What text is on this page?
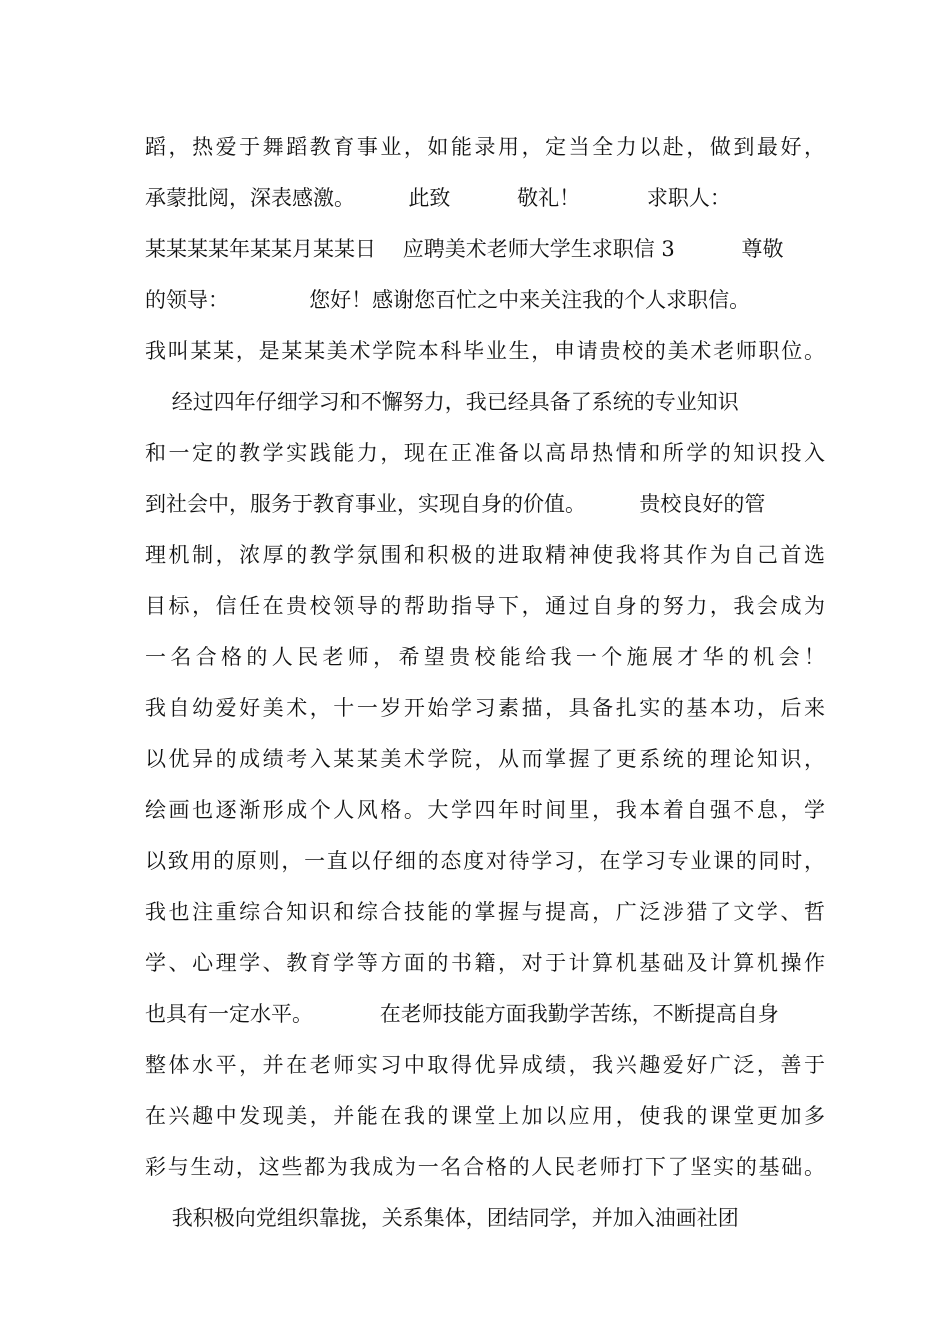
蹈，热爱于舞蹈教育事业，如能录用，定当全力以赴，做到最好，
承蒙批阅，深表感激。        此致          敬礼！          求职人：
某某某某年某某月某某日    应聘美术老师大学生求职信 3          尊敬
的领导：            您好！感谢您百忙之中来关注我的个人求职信。
我叫某某，是某某美术学院本科毕业生，申请贵校的美术老师职位。
经过四年仔细学习和不懈努力，我已经具备了系统的专业知识
和一定的教学实践能力，现在正准备以高昂热情和所学的知识投入
到社会中，服务于教育事业，实现自身的价值。        贵校良好的管
理机制，浓厚的教学氛围和积极的进取精神使我将其作为自己首选
目标，信任在贵校领导的帮助指导下，通过自身的努力，我会成为
一名合格的人民老师，希望贵校能给我一个施展才华的机会！
我自幼爱好美术，十一岁开始学习素描，具备扎实的基本功，后来
以优异的成绩考入某某美术学院，从而掌握了更系统的理论知识，
绘画也逐渐形成个人风格。大学四年时间里，我本着自强不息，学
以致用的原则，一直以仔细的态度对待学习，在学习专业课的同时，
我也注重综合知识和综合技能的掌握与提高，广泛涉猎了文学、哲
学、心理学、教育学等方面的书籍，对于计算机基础及计算机操作
也具有一定水平。          在老师技能方面我勤学苦练，不断提高自身
整体水平，并在老师实习中取得优异成绩，我兴趣爱好广泛，善于
在兴趣中发现美，并能在我的课堂上加以应用，使我的课堂更加多
彩与生动，这些都为我成为一名合格的人民老师打下了坚实的基础。
我积极向党组织靠拢，关系集体，团结同学，并加入油画社团
